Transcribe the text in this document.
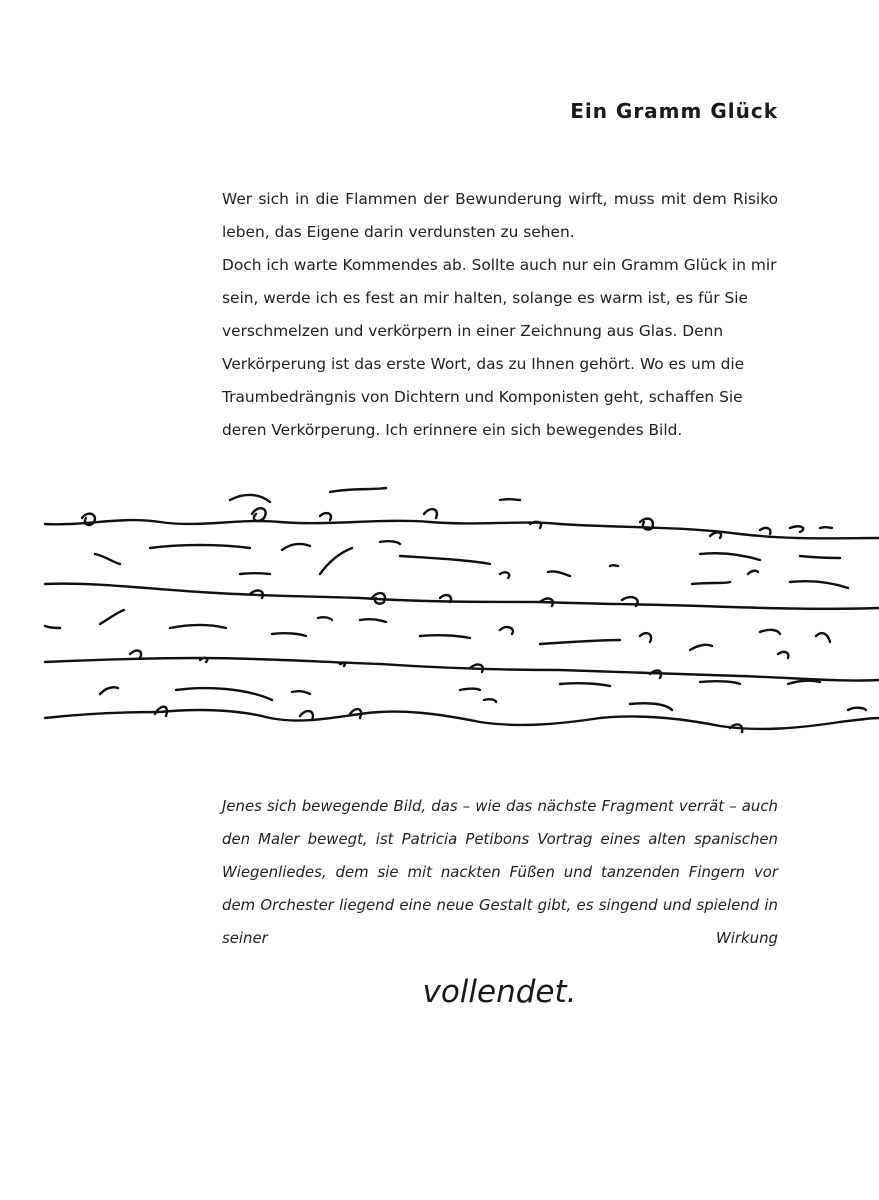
Ein Gramm Glück

Wer sich in die Flammen der Bewunderung wirft, muss mit dem Risiko leben, das Eigene darin verdunsten zu sehen.

Doch ich warte Kommendes ab. Sollte auch nur ein Gramm Glück in mir sein, werde ich es fest an mir halten, solange es warm ist, es für Sie verschmelzen und verkörpern in einer Zeichnung aus Glas. Denn Verkörperung ist das erste Wort, das zu Ihnen gehört. Wo es um die Traumbedrängnis von Dichtern und Komponisten geht, schaffen Sie deren Verkörperung. Ich erinnere ein sich bewegendes Bild.

Jenes sich bewegende Bild, das – wie das nächste Fragment verrät – auch den Maler bewegt, ist Patricia Petibons Vortrag eines alten spanischen Wiegenliedes, dem sie mit nackten Füßen und tanzenden Fingern vor dem Orchester liegend eine neue Gestalt gibt, es singend und spielend in seiner Wirkung

vollendet.
